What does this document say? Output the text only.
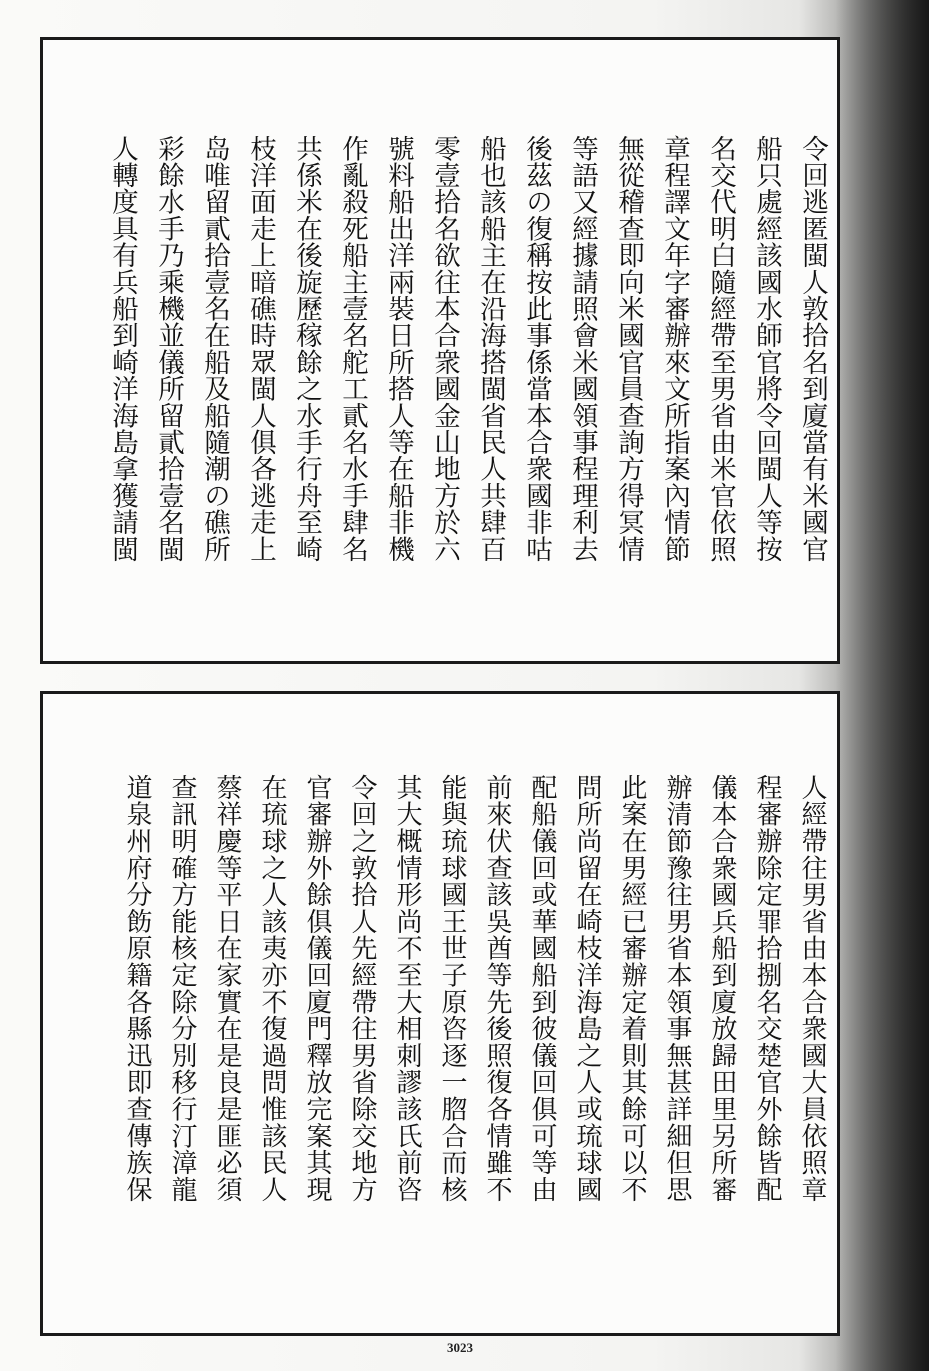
令回逃匿閩人敦拾名到廈當有米國官
船只處經該國水師官將令回閩人等按
名交代明白隨經帶至男省由米官依照
章程譯文年字審辦來文所指案內情節
無從稽查即向米國官員查詢方得冥情
等語又經據請照會米國領事程理利去
後茲の復稱按此事係當本合衆國非咕
船也該船主在沿海搭閩省民人共肆百
零壹拾名欲往本合衆國金山地方於六
號料船出洋兩裝日所搭人等在船非機
作亂殺死船主壹名舵工貳名水手肆名
共係米在後旋歷稼餘之水手行舟至崎
枝洋面走上暗礁時眾閩人俱各逃走上
岛唯留貳拾壹名在船及船隨潮の礁所
彩餘水手乃乘機並儀所留貳拾壹名閩
人轉度具有兵船到崎洋海島拿獲請閩
人經帶往男省由本合衆國大員依照章
程審辦除定罪拾捌名交楚官外餘皆配
儀本合衆國兵船到廈放歸田里另所審
辦清節豫往男省本領事無甚詳細但思
此案在男經已審辦定着則其餘可以不
問所尚留在崎枝洋海島之人或琉球國
配船儀回或華國船到彼儀回俱可等由
前來伏查該吳酋等先後照復各情雖不
能與琉球國王世子原咨逐一脗合而核
其大概情形尚不至大相刺謬該氏前咨
令回之敦拾人先經帶往男省除交地方
官審辦外餘俱儀回廈門釋放完案其現
在琉球之人該夷亦不復過問惟該民人
蔡祥慶等平日在家實在是良是匪必須
查訊明確方能核定除分別移行汀漳龍
道泉州府分飭原籍各縣迅即查傳族保
3023
